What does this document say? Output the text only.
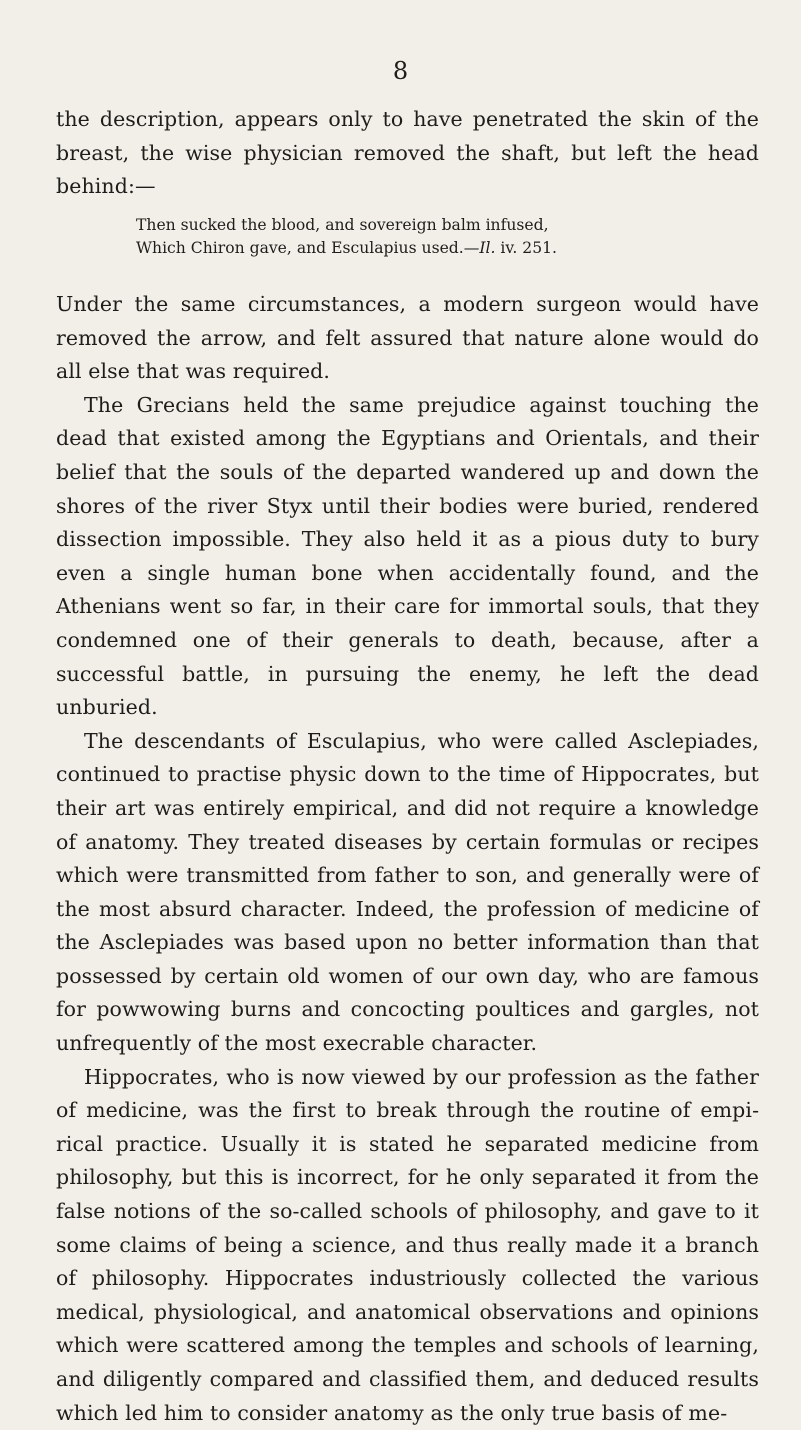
8

the description, appears only to have penetrated the skin of the breast, the wise physician removed the shaft, but left the head behind:—

Then sucked the blood, and sovereign balm infused,
Which Chiron gave, and Esculapius used.—Il. iv. 251.

Under the same circumstances, a modern surgeon would have removed the arrow, and felt assured that nature alone would do all else that was required.

The Grecians held the same prejudice against touching the dead that existed among the Egyptians and Orientals, and their belief that the souls of the departed wandered up and down the shores of the river Styx until their bodies were buried, rendered dissection impossible. They also held it as a pious duty to bury even a single human bone when accidentally found, and the Athenians went so far, in their care for immortal souls, that they condemned one of their generals to death, because, after a successful battle, in pursuing the enemy, he left the dead unburied.

The descendants of Esculapius, who were called Asclepiades, continued to practise physic down to the time of Hippocrates, but their art was entirely empirical, and did not require a knowledge of anatomy. They treated diseases by certain formulas or recipes which were transmitted from father to son, and generally were of the most absurd character. Indeed, the profession of medicine of the Asclepiades was based upon no better information than that possessed by certain old women of our own day, who are famous for powwowing burns and concocting poultices and gargles, not unfrequently of the most execrable character.

Hippocrates, who is now viewed by our profession as the father of medicine, was the first to break through the routine of empirical practice. Usually it is stated he separated medicine from philosophy, but this is incorrect, for he only separated it from the false notions of the so-called schools of philosophy, and gave to it some claims of being a science, and thus really made it a branch of philosophy. Hippocrates industriously collected the various medical, physiological, and anatomical observations and opinions which were scattered among the temples and schools of learning, and diligently compared and classified them, and deduced results which led him to consider anatomy as the only true basis of me-
